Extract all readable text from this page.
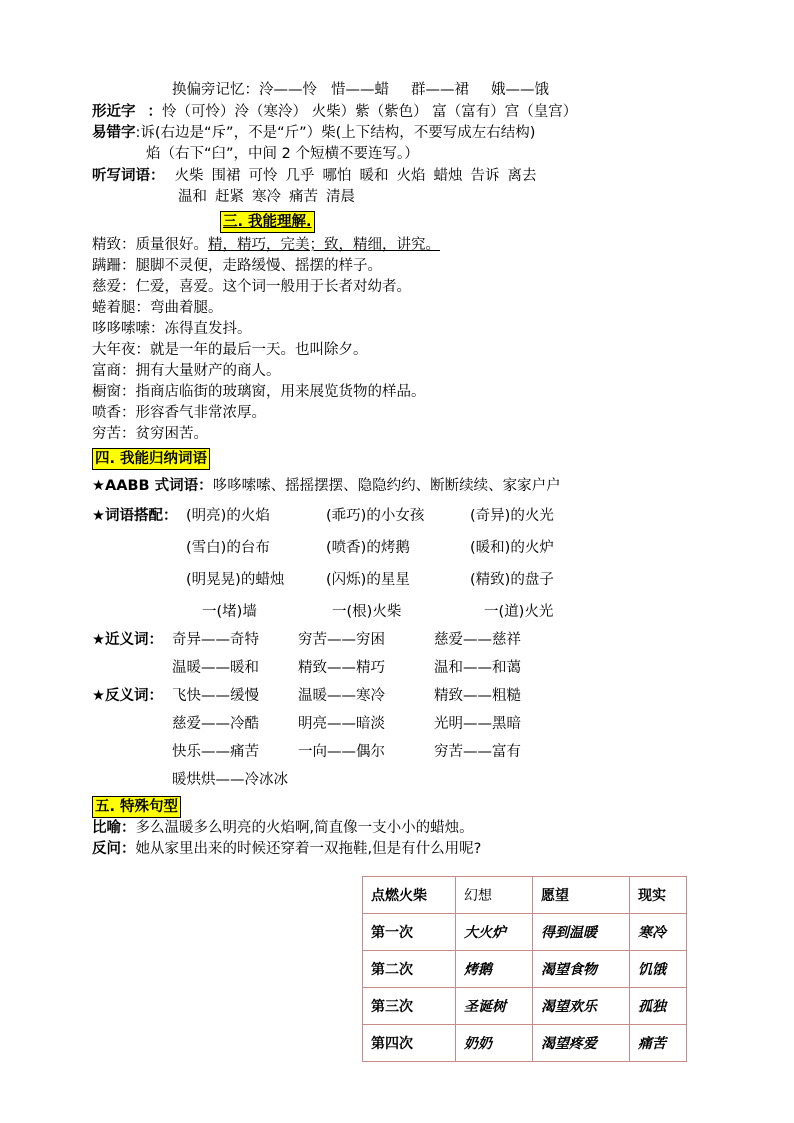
换偏旁记忆：泠——怜 惜——蜡 群——裙 娥——饿
形近字 ：怜（可怜）泠（寒泠） 火柴）紫（紫色） 富（富有）宫（皇宫）
易错字:诉(右边是“斥”，不是“斤”）柴(上下结构，不要写成左右结构)
焰（右下“臼”，中间 2 个短横不要连写。）
听写词语： 火柴 围裙 可怜 几乎 哪怕 暖和 火焰 蜡烛 告诉 离去
温和 赶紧 寒冷 痛苦 清晨
三. 我能理解.
精致：质量很好。精，精巧，完美；致，精细，讲究。
蹒跚：腿脚不灵便，走路缓慢、摇摆的样子。
慈爱：仁爱，喜爱。这个词一般用于长者对幼者。
蜷着腿：弯曲着腿。
哆哆嗦嗦：冻得直发抖。
大年夜：就是一年的最后一天。也叫除夕。
富商：拥有大量财产的商人。
橱窗：指商店临街的玻璃窗，用来展览货物的样品。
喷香：形容香气非常浓厚。
穷苦：贫穷困苦。
四. 我能归纳词语
★AABB 式词语：哆哆嗦嗦、摇摇摆摆、隐隐约约、断断续续、家家户户
★词语搭配： (明亮)的火焰	(乖巧)的小女孩	(奇异)的火光
(雪白)的台布	(喷香)的烤鹅	(暖和)的火炉
(明晃晃)的蜡烛	(闪烁)的星星	(精致)的盘子
一(堵)墙	一(根)火柴	一(道)火光
★近义词： 奇异——奇特	穷苦——穷困	慈爱——慈祥
温暖——暖和	精致——精巧	温和——和蔼
★反义词： 飞快——缓慢	温暖——寒冷	精致——粗糙
慈爱——冷酷	明亮——暗淡	光明——黑暗
快乐——痛苦	一向——偶尔	穷苦——富有
暖烘烘——冷冰冰
五. 特殊句型
比喻：多么温暖多么明亮的火焰啊,简直像一支小小的蜡烛。
反问：她从家里出来的时候还穿着一双拖鞋,但是有什么用呢?
点燃火柴	幻想	愿望	现实
第一次	大火炉	得到温暖	寒冷
第二次	烤鹅	渴望食物	饥饿
第三次	圣诞树	渴望欢乐	孤独
第四次	奶奶	渴望疼爱	痛苦
